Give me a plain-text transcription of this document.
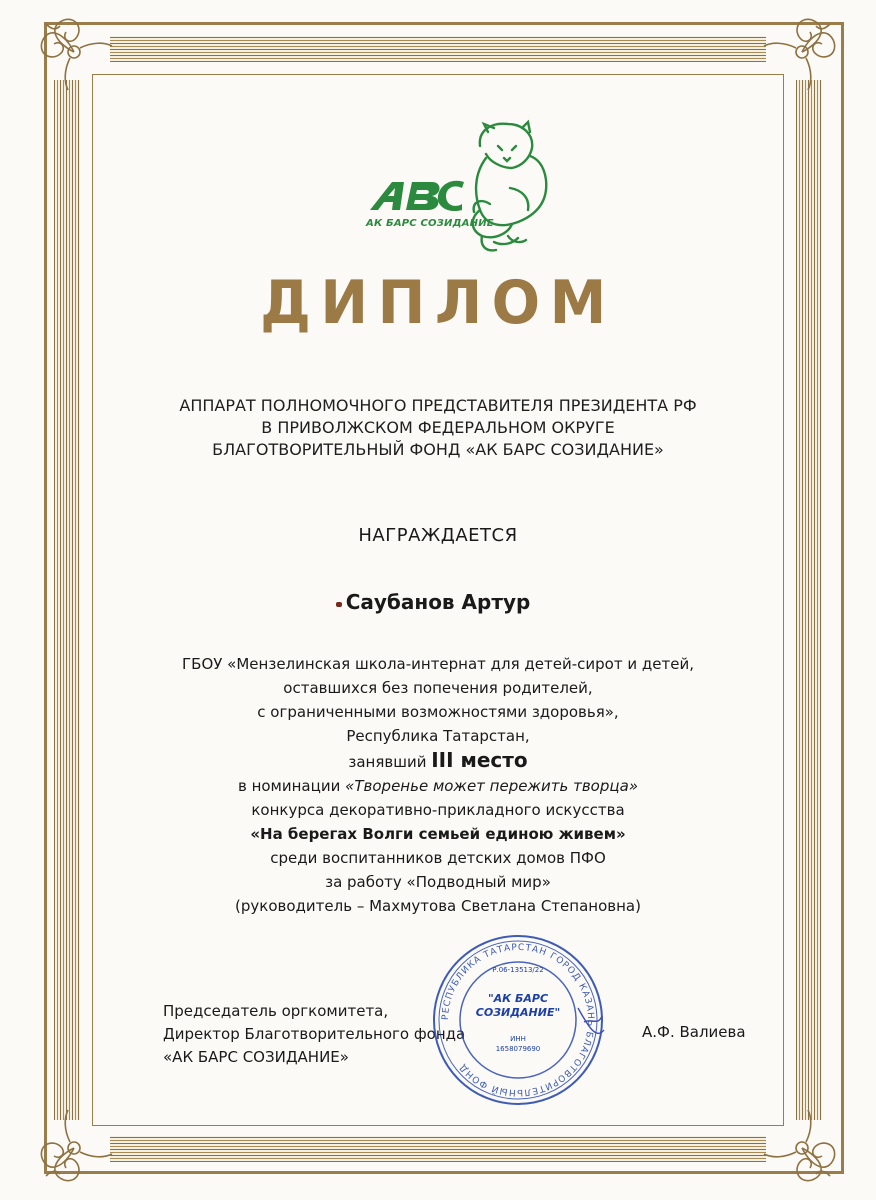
АК БАРС СОЗИДАНИЕ
ДИПЛОМ
АППАРАТ ПОЛНОМОЧНОГО ПРЕДСТАВИТЕЛЯ ПРЕЗИДЕНТА РФ
В ПРИВОЛЖСКОМ ФЕДЕРАЛЬНОМ ОКРУГЕ
БЛАГОТВОРИТЕЛЬНЫЙ ФОНД «АК БАРС СОЗИДАНИЕ»
НАГРАЖДАЕТСЯ
Саубанов Артур
ГБОУ «Мензелинская школа-интернат для детей-сирот и детей,
оставшихся без попечения родителей,
с ограниченными возможностями здоровья»,
Республика Татарстан,
занявший III место
в номинации «Творенье может пережить творца»
конкурса декоративно-прикладного искусства
«На берегах Волги семьей единою живем»
среди воспитанников детских домов ПФО
за работу «Подводный мир»
(руководитель – Махмутова Светлана Степановна)
Председатель оргкомитета,
Директор Благотворительного фонда
«АК БАРС СОЗИДАНИЕ»
РЕСПУБЛИКА ТАТАРСТАН ГОРОД КАЗАНЬ БЛАГОТВОРИТЕЛЬНЫЙ ФОНД
Р.06-13513/22
"АК БАРС
СОЗИДАНИЕ"
ИНН
1658079690
А.Ф. Валиева
